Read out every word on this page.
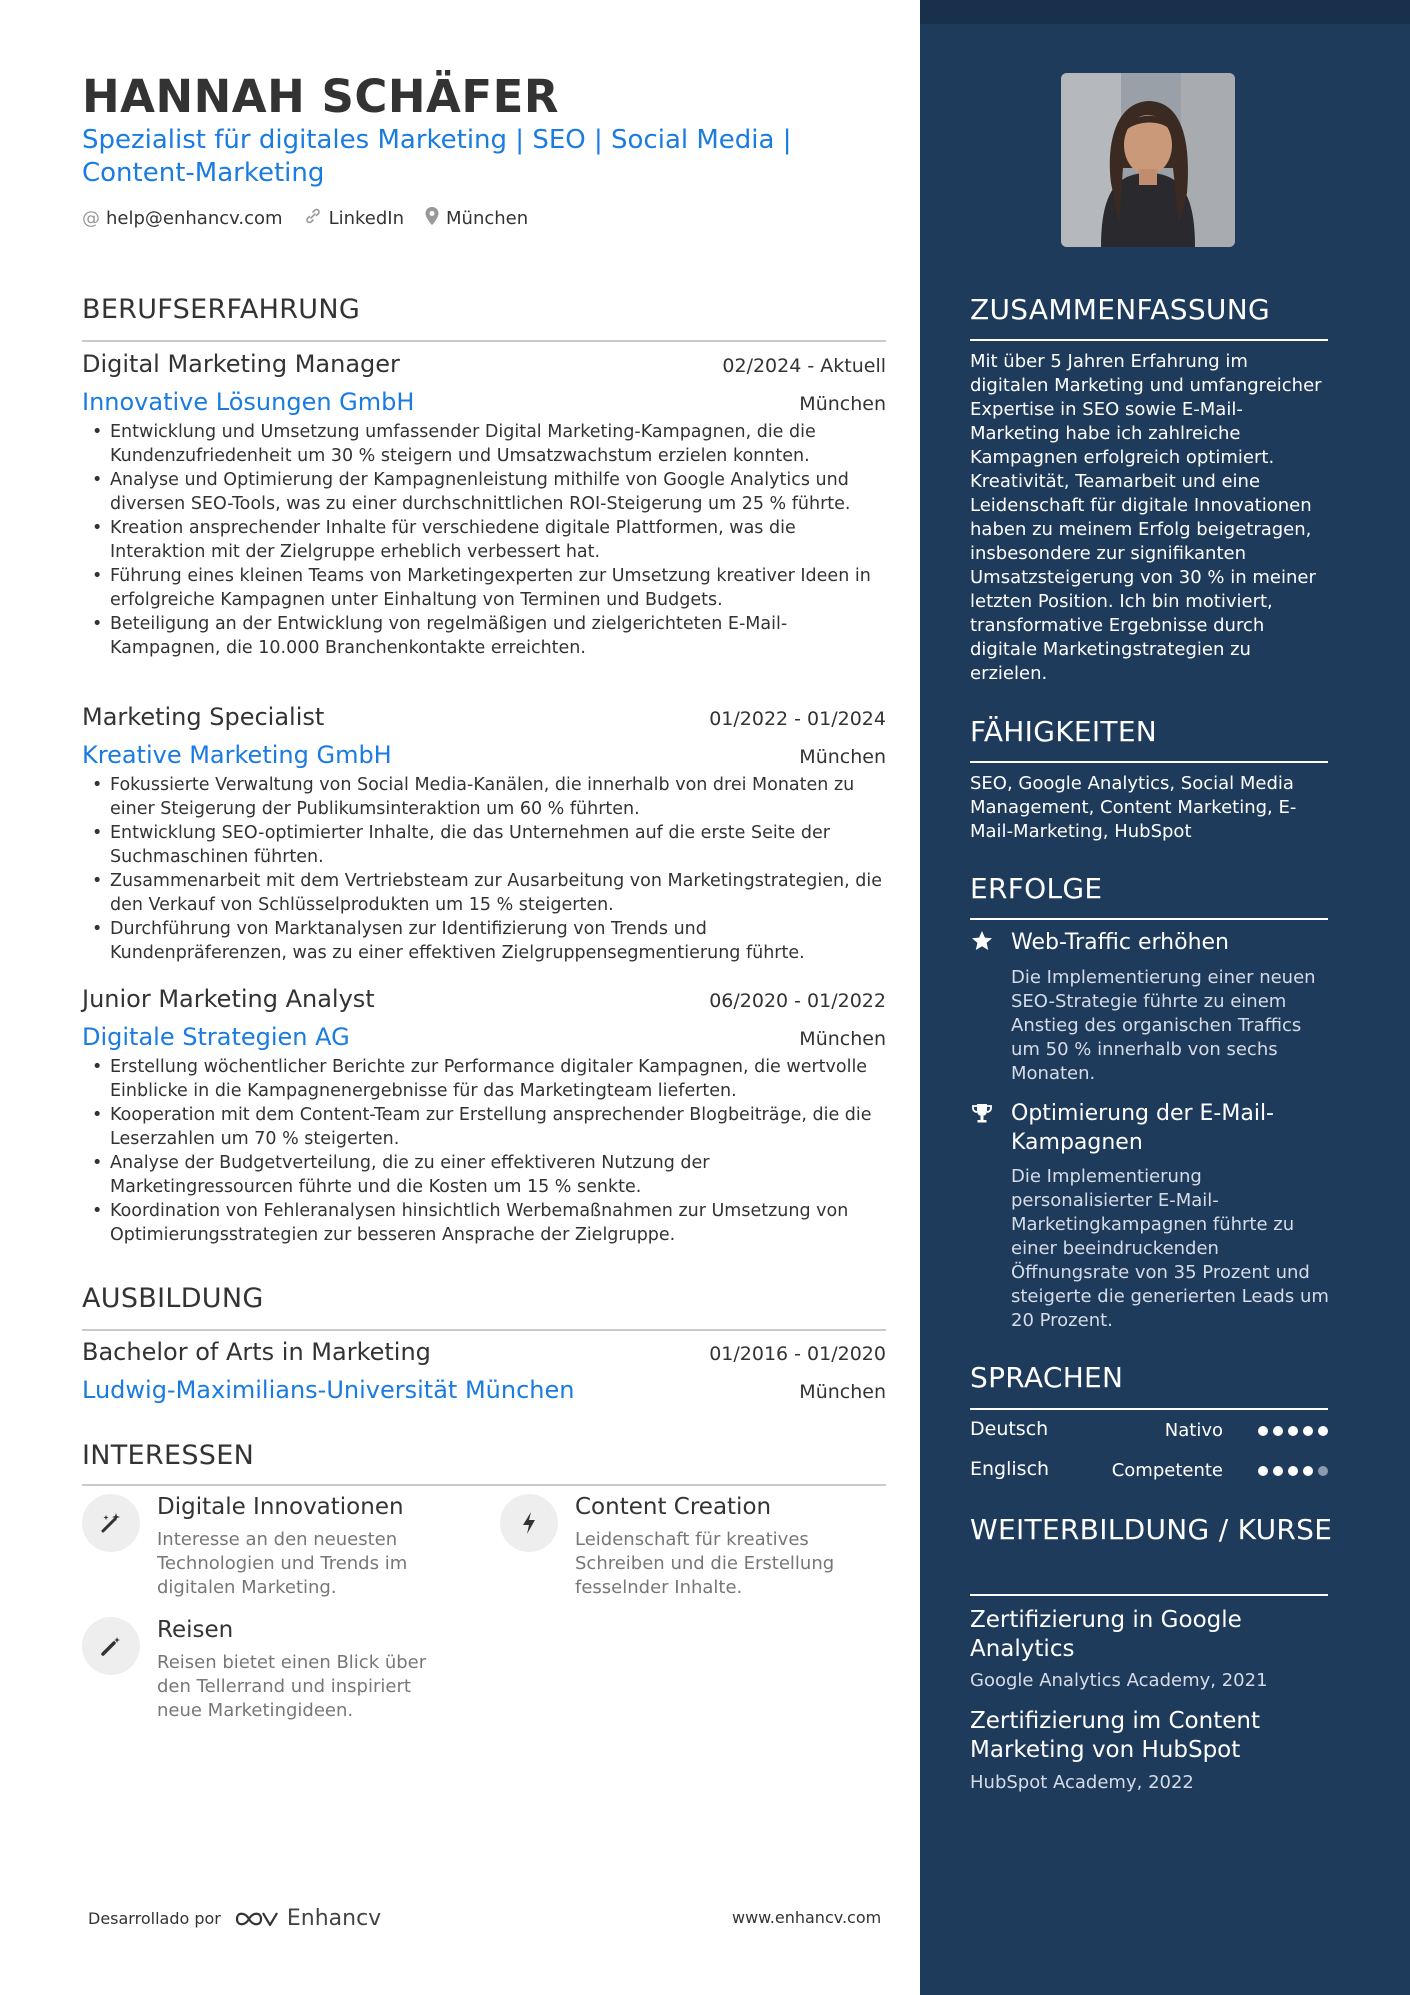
HANNAH SCHÄFER
Spezialist für digitales Marketing | SEO | Social Media | Content-Marketing
@ help@enhancv.com	LinkedIn München
BERUFSERFAHRUNG
Digital Marketing Manager	02/2024 - Aktuell
Innovative Lösungen GmbH	München
• Entwicklung und Umsetzung umfassender Digital Marketing-Kampagnen, die die Kundenzufriedenheit um 30 % steigern und Umsatzwachstum erzielen konnten.
• Analyse und Optimierung der Kampagnenleistung mithilfe von Google Analytics und diversen SEO-Tools, was zu einer durchschnittlichen ROI-Steigerung um 25 % führte.
• Kreation ansprechender Inhalte für verschiedene digitale Plattformen, was die Interaktion mit der Zielgruppe erheblich verbessert hat.
• Führung eines kleinen Teams von Marketingexperten zur Umsetzung kreativer Ideen in erfolgreiche Kampagnen unter Einhaltung von Terminen und Budgets.
• Beteiligung an der Entwicklung von regelmäßigen und zielgerichteten E-Mail-Kampagnen, die 10.000 Branchenkontakte erreichten.
Marketing Specialist	01/2022 - 01/2024
Kreative Marketing GmbH	München
• Fokussierte Verwaltung von Social Media-Kanälen, die innerhalb von drei Monaten zu einer Steigerung der Publikumsinteraktion um 60 % führten.
• Entwicklung SEO-optimierter Inhalte, die das Unternehmen auf die erste Seite der Suchmaschinen führten.
• Zusammenarbeit mit dem Vertriebsteam zur Ausarbeitung von Marketingstrategien, die den Verkauf von Schlüsselprodukten um 15 % steigerten.
• Durchführung von Marktanalysen zur Identifizierung von Trends und Kundenpräferenzen, was zu einer effektiven Zielgruppensegmentierung führte.
Junior Marketing Analyst	06/2020 - 01/2022
Digitale Strategien AG	München
• Erstellung wöchentlicher Berichte zur Performance digitaler Kampagnen, die wertvolle Einblicke in die Kampagnenergebnisse für das Marketingteam lieferten.
• Kooperation mit dem Content-Team zur Erstellung ansprechender Blogbeiträge, die die Leserzahlen um 70 % steigerten.
• Analyse der Budgetverteilung, die zu einer effektiveren Nutzung der Marketingressourcen führte und die Kosten um 15 % senkte.
• Koordination von Fehleranalysen hinsichtlich Werbemaßnahmen zur Umsetzung von Optimierungsstrategien zur besseren Ansprache der Zielgruppe.
AUSBILDUNG
Bachelor of Arts in Marketing	01/2016 - 01/2020
Ludwig-Maximilians-Universität München	München
INTERESSEN
Digitale Innovationen
Interesse an den neuesten Technologien und Trends im digitalen Marketing.
Content Creation
Leidenschaft für kreatives Schreiben und die Erstellung fesselnder Inhalte.
Reisen
Reisen bietet einen Blick über den Tellerrand und inspiriert neue Marketingideen.
Desarrollado por	Enhancv	www.enhancv.com
ZUSAMMENFASSUNG
Mit über 5 Jahren Erfahrung im digitalen Marketing und umfangreicher Expertise in SEO sowie E-Mail-Marketing habe ich zahlreiche Kampagnen erfolgreich optimiert. Kreativität, Teamarbeit und eine Leidenschaft für digitale Innovationen haben zu meinem Erfolg beigetragen, insbesondere zur signifikanten Umsatzsteigerung von 30 % in meiner letzten Position. Ich bin motiviert, transformative Ergebnisse durch digitale Marketingstrategien zu erzielen.
FÄHIGKEITEN
SEO, Google Analytics, Social Media Management, Content Marketing, E-Mail-Marketing, HubSpot
ERFOLGE
Web-Traffic erhöhen
Die Implementierung einer neuen SEO-Strategie führte zu einem Anstieg des organischen Traffics um 50 % innerhalb von sechs Monaten.
Optimierung der E-Mail-Kampagnen
Die Implementierung personalisierter E-Mail-Marketingkampagnen führte zu einer beeindruckenden Öffnungsrate von 35 Prozent und steigerte die generierten Leads um 20 Prozent.
SPRACHEN
Deutsch	Nativo
Englisch	Competente
WEITERBILDUNG / KURSE
Zertifizierung in Google Analytics
Google Analytics Academy, 2021
Zertifizierung im Content Marketing von HubSpot
HubSpot Academy, 2022
